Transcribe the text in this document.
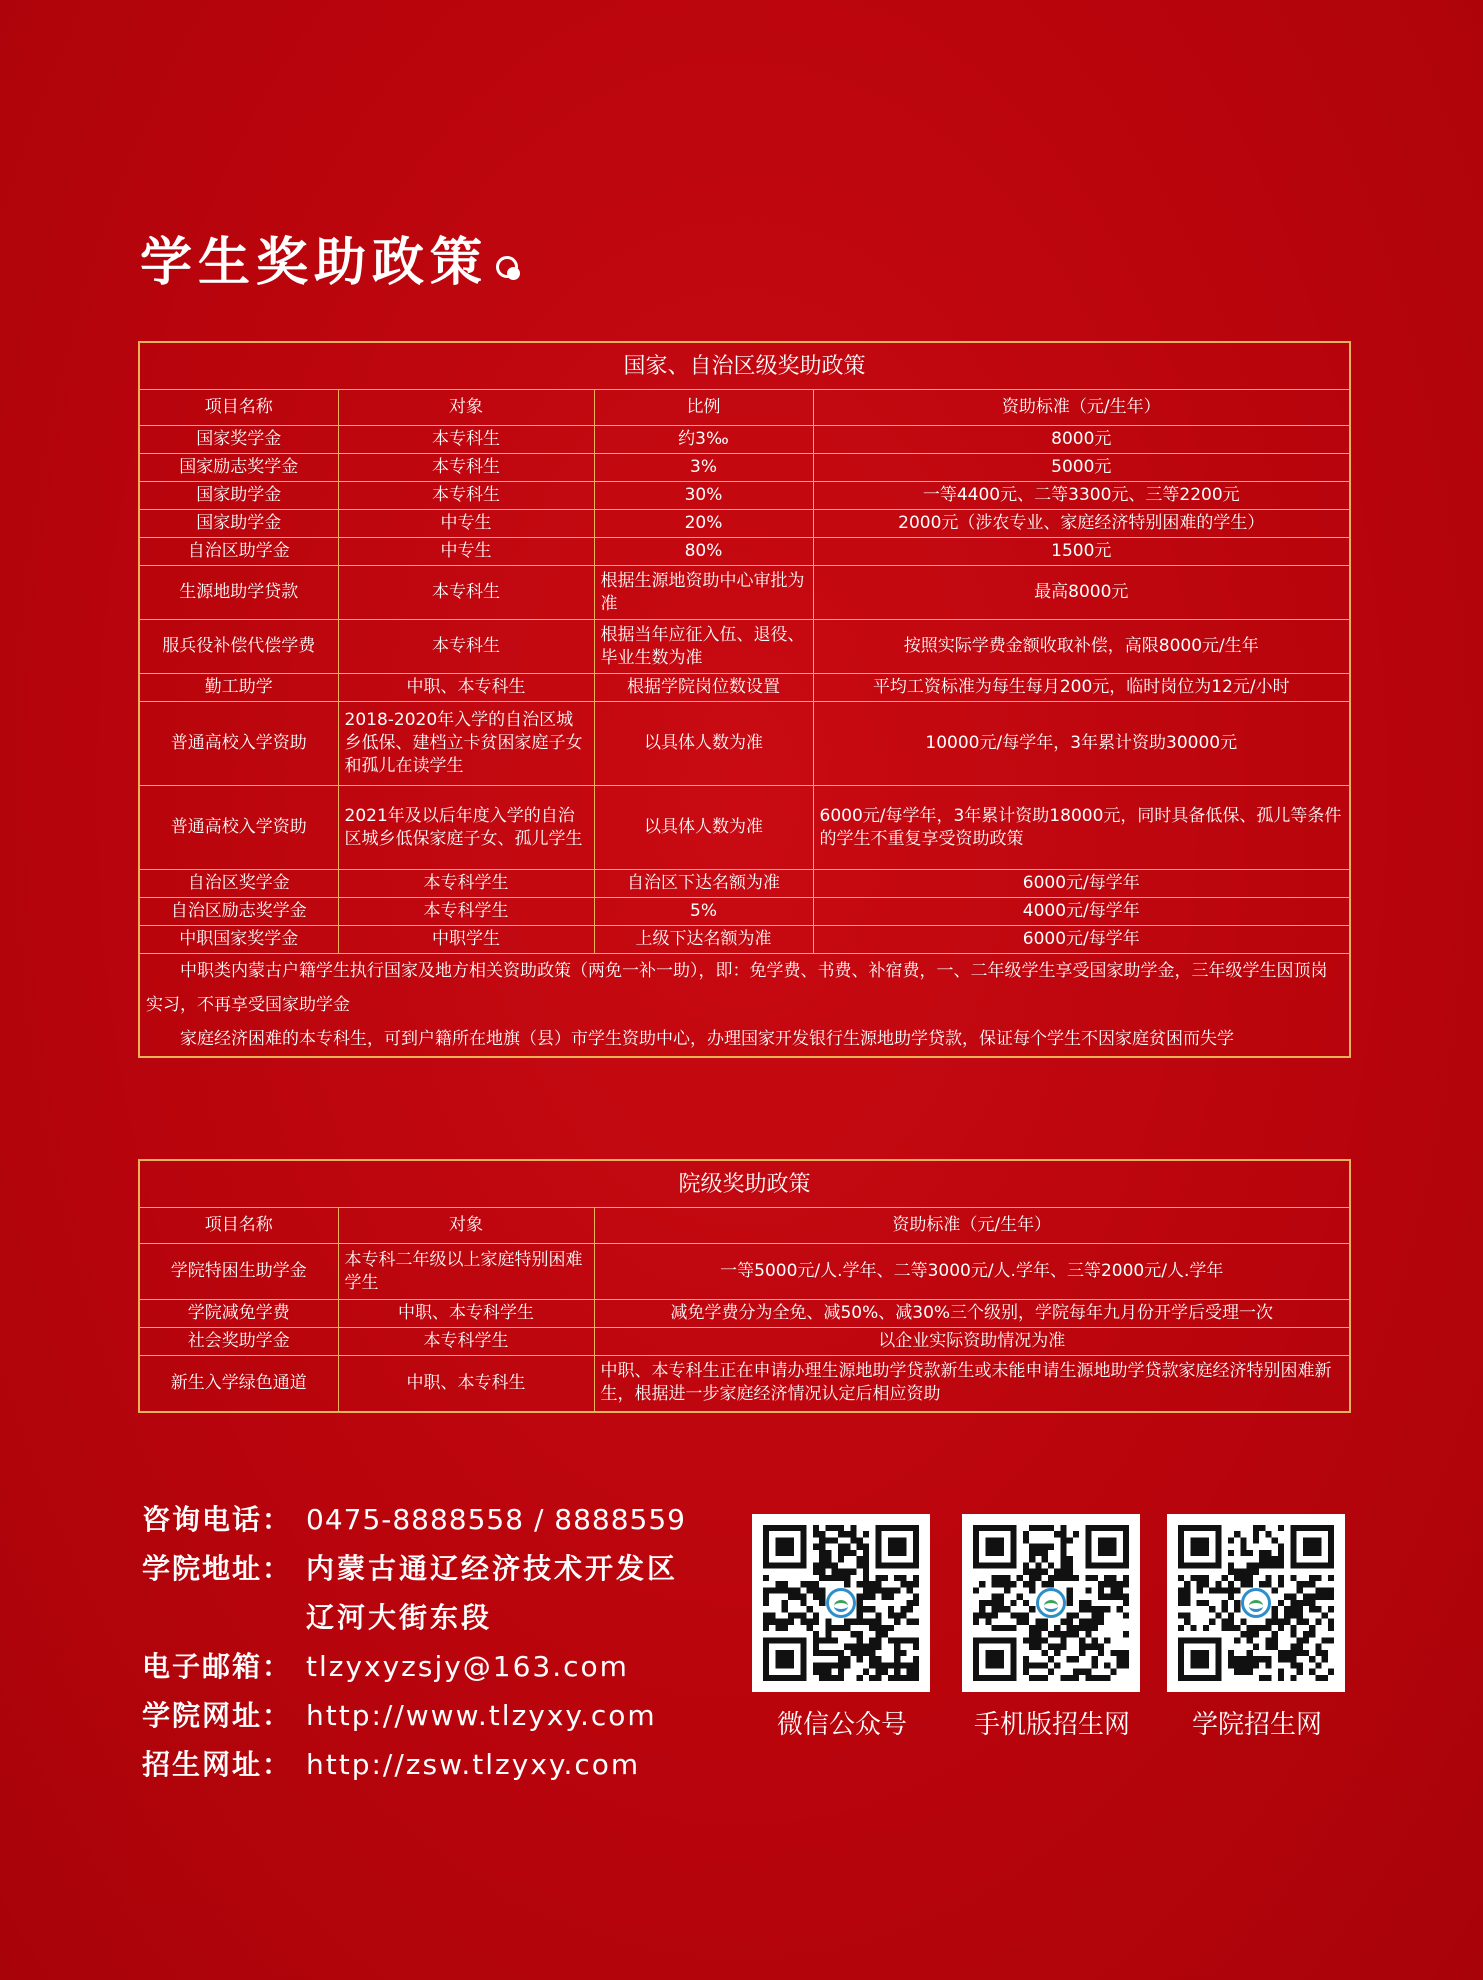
学生奖助政策
国家、自治区级奖助政策			
项目名称	对象	比例	资助标准（元/生年）
国家奖学金	本专科生	约3‰	8000元
国家励志奖学金	本专科生	3%	5000元
国家助学金	本专科生	30%	一等4400元、二等3300元、三等2200元
国家助学金	中专生	20%	2000元（涉农专业、家庭经济特别困难的学生）
自治区助学金	中专生	80%	1500元
生源地助学贷款	本专科生	根据生源地资助中心审批为准	最高8000元
服兵役补偿代偿学费	本专科生	根据当年应征入伍、退役、毕业生数为准	按照实际学费金额收取补偿，高限8000元/生年
勤工助学	中职、本专科生	根据学院岗位数设置	平均工资标准为每生每月200元，临时岗位为12元/小时
普通高校入学资助	2018-2020年入学的自治区城乡低保、建档立卡贫困家庭子女和孤儿在读学生	以具体人数为准	10000元/每学年，3年累计资助30000元
普通高校入学资助	2021年及以后年度入学的自治区城乡低保家庭子女、孤儿学生	以具体人数为准	6000元/每学年，3年累计资助18000元，同时具备低保、孤儿等条件的学生不重复享受资助政策
自治区奖学金	本专科学生	自治区下达名额为准	6000元/每学年
自治区励志奖学金	本专科学生	5%	4000元/每学年
中职国家奖学金	中职学生	上级下达名额为准	6000元/每学年

中职类内蒙古户籍学生执行国家及地方相关资助政策（两免一补一助），即：免学费、书费、补宿费，一、二年级学生享受国家助学金，三年级学生因顶岗实习，不再享受国家助学金
家庭经济困难的本专科生，可到户籍所在地旗（县）市学生资助中心，办理国家开发银行生源地助学贷款，保证每个学生不因家庭贫困而失学			
院级奖助政策		
项目名称	对象	资助标准（元/生年）
学院特困生助学金	本专科二年级以上家庭特别困难学生	一等5000元/人.学年、二等3000元/人.学年、三等2000元/人.学年
学院减免学费	中职、本专科学生	减免学费分为全免、减50%、减30%三个级别，学院每年九月份开学后受理一次
社会奖助学金	本专科学生	以企业实际资助情况为准
新生入学绿色通道	中职、本专科生	中职、本专科生正在申请办理生源地助学贷款新生或未能申请生源地助学贷款家庭经济特别困难新生，根据进一步家庭经济情况认定后相应资助
咨询电话： 0475-8888558 / 8888559
学院地址： 内蒙古通辽经济技术开发区
辽河大街东段
电子邮箱： tlzyxyzsjy@163.com
学院网址： http://www.tlzyxy.com
招生网址： http://zsw.tlzyxy.com
微信公众号	手机版招生网	学院招生网
